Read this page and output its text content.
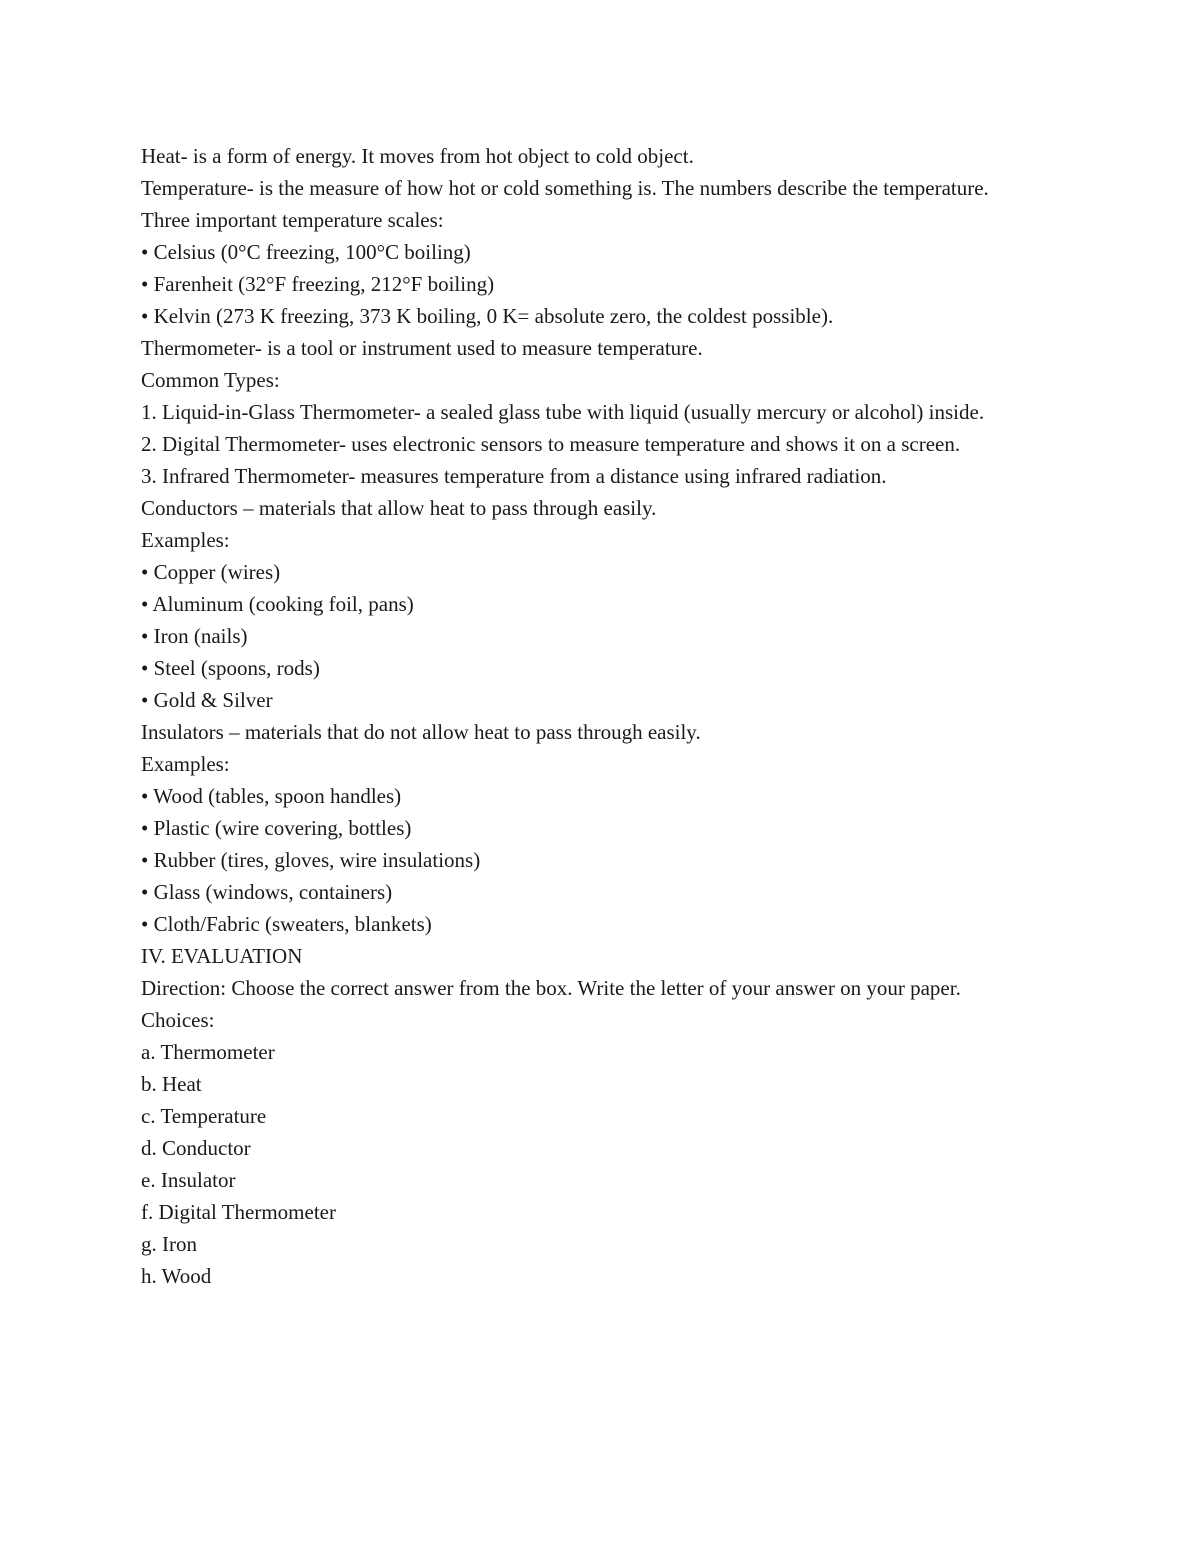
Heat- is a form of energy. It moves from hot object to cold object.
Temperature- is the measure of how hot or cold something is. The numbers describe the temperature.
Three important temperature scales:
• Celsius (0°C freezing, 100°C boiling)
• Farenheit (32°F freezing, 212°F boiling)
• Kelvin (273 K freezing, 373 K boiling, 0 K= absolute zero, the coldest possible).
Thermometer- is a tool or instrument used to measure temperature.
Common Types:
1. Liquid-in-Glass Thermometer- a sealed glass tube with liquid (usually mercury or alcohol) inside.
2. Digital Thermometer- uses electronic sensors to measure temperature and shows it on a screen.
3. Infrared Thermometer- measures temperature from a distance using infrared radiation.
Conductors – materials that allow heat to pass through easily.
Examples:
• Copper (wires)
• Aluminum (cooking foil, pans)
• Iron (nails)
• Steel (spoons, rods)
• Gold & Silver
Insulators – materials that do not allow heat to pass through easily.
Examples:
• Wood (tables, spoon handles)
• Plastic (wire covering, bottles)
• Rubber (tires, gloves, wire insulations)
• Glass (windows, containers)
• Cloth/Fabric (sweaters, blankets)
IV. EVALUATION
Direction: Choose the correct answer from the box. Write the letter of your answer on your paper.
Choices:
a. Thermometer
b. Heat
c. Temperature
d. Conductor
e. Insulator
f. Digital Thermometer
g. Iron
h. Wood
